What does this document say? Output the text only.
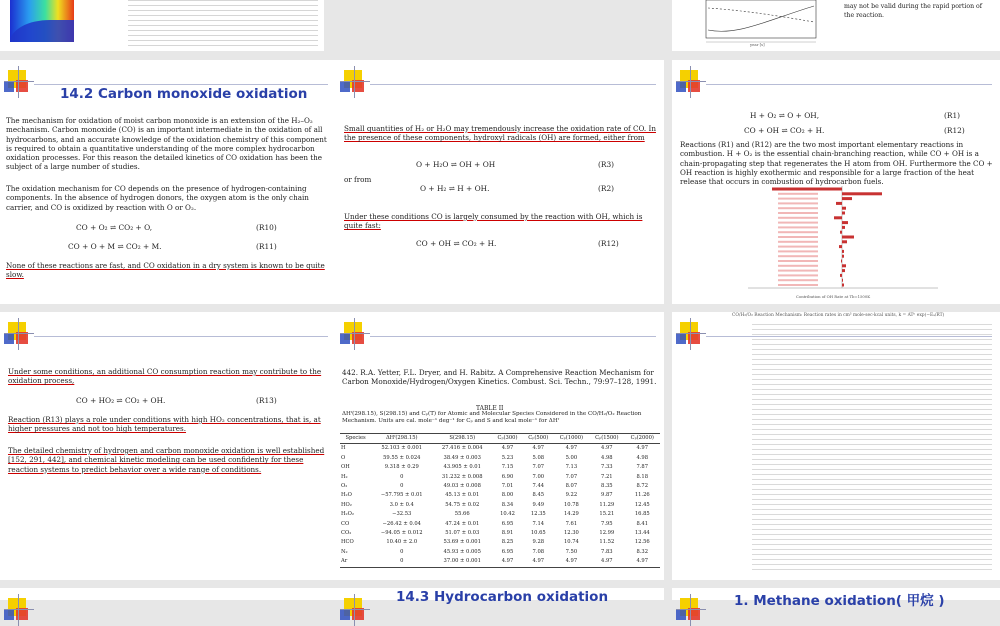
year [s]
may not be valid during the rapid portion of the reaction.
14.2 Carbon monoxide oxidation
The mechanism for oxidation of moist carbon monoxide is an extension of the H₂–O₂ mechanism. Carbon monoxide (CO) is an important intermediate in the oxidation of all hydrocarbons, and an accurate knowledge of the oxidation chemistry of this component is required to obtain a quantitative understanding of the more complex hydrocarbon oxidation processes. For this reason the detailed kinetics of CO oxidation has been the subject of a large number of studies.
The oxidation mechanism for CO depends on the presence of hydrogen-containing components. In the absence of hydrogen donors, the oxygen atom is the only chain carrier, and CO is oxidized by reaction with O or O₂.
CO + O₂ ⇌ CO₂ + O,	(R10)
CO + O + M ⇌ CO₂ + M.	(R11)
None of these reactions are fast, and CO oxidation in a dry system is known to be quite slow.
Small quantities of H₂ or H₂O may tremendously increase the oxidation rate of CO. In the presence of these components, hydroxyl radicals (OH) are formed, either from
O + H₂O ⇌ OH + OH	(R3)
or from
O + H₂ ⇌ H + OH.	(R2)
Under these conditions CO is largely consumed by the reaction with OH, which is quite fast:
CO + OH ⇌ CO₂ + H.	(R12)
H + O₂ ⇌ O + OH,	(R1)
CO + OH ⇌ CO₂ + H.	(R12)
Reactions (R1) and (R12) are the two most important elementary reactions in combustion. H + O₂ is the essential chain-branching reaction, while CO + OH is a chain-propagating step that regenerates the H atom from OH. Furthermore the CO + OH reaction is highly exothermic and responsible for a large fraction of the heat release that occurs in combustion of hydrocarbon fuels.
Contribution of OH Rate at Tb=1500K
Under some conditions, an additional CO consumption reaction may contribute to the oxidation process,
CO + HO₂ ⇌ CO₂ + OH.	(R13)
Reaction (R13) plays a role under conditions with high HO₂ concentrations, that is, at higher pressures and not too high temperatures.
The detailed chemistry of hydrogen and carbon monoxide oxidation is well established [152, 291, 442], and chemical kinetic modeling can be used confidently for these reaction systems to predict behavior over a wide range of conditions.
442. R.A. Yetter, F.L. Dryer, and H. Rabitz. A Comprehensive Reaction Mechanism for Carbon Monoxide/Hydrogen/Oxygen Kinetics. Combust. Sci. Techn., 79:97–128, 1991.
TABLE II
ΔHᶠ(298.15), S(298.15) and Cₚ(T) for Atomic and Molecular Species Considered in the CO/H₂/O₂ Reaction Mechanism. Units are cal. mole⁻¹ deg⁻¹ for Cₚ and S and kcal mole⁻¹ for ΔHᶠ
Species	ΔHᶠ(298.15)	S(298.15)	Cₚ(300)	Cₚ(500)	Cₚ(1000)	Cₚ(1500)	Cₚ(2000)
H	52.103 ± 0.001	27.416 ± 0.004	4.97	4.97	4.97	4.97	4.97
O	59.55 ± 0.024	38.49 ± 0.003	5.23	5.08	5.00	4.98	4.98
OH	9.318 ± 0.29	43.905 ± 0.01	7.15	7.07	7.13	7.33	7.87
H₂	0	31.232 ± 0.008	6.90	7.00	7.07	7.21	8.18
O₂	0	49.03 ± 0.008	7.01	7.44	8.07	8.35	8.72
H₂O	−57.795 ± 0.01	45.13 ± 0.01	8.00	8.45	9.22	9.87	11.26
HO₂	3.0 ± 0.4	54.75 ± 0.02	8.34	9.49	10.78	11.29	12.45
H₂O₂	−32.53	55.66	10.42	12.35	14.29	15.21	16.85
CO	−26.42 ± 0.04	47.24 ± 0.01	6.95	7.14	7.61	7.95	8.41
CO₂	−94.05 ± 0.012	51.07 ± 0.03	8.91	10.65	12.30	12.99	13.44
HCO	10.40 ± 2.0	53.69 ± 0.001	8.25	9.28	10.74	11.52	12.56
N₂	0	45.93 ± 0.005	6.95	7.08	7.50	7.83	8.32
Ar	0	37.00 ± 0.001	4.97	4.97	4.97	4.97	4.97
CO/H₂/O₂ Reaction Mechanism: Reaction rates in cm³ mole-sec-kcal units, k = ATⁿ exp(−Eₐ/RT)
14.3 Hydrocarbon oxidation	1. Methane oxidation( 甲烷 )
